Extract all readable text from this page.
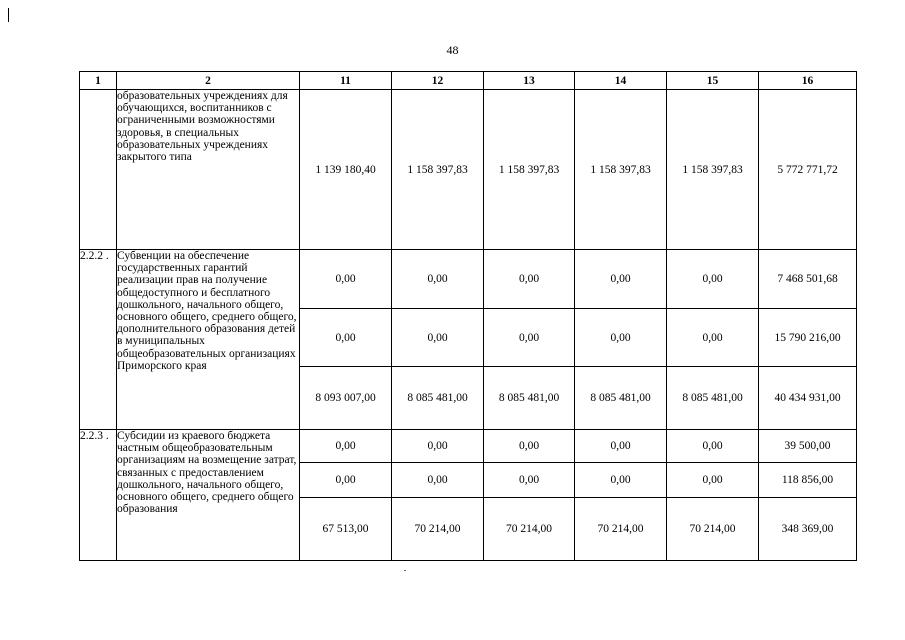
48
1	2	11	12	13	14	15	16
	образовательных учреждениях для обучающихся, воспитанников с ограниченными возможностями здоровья, в специальных образовательных учреждениях закрытого типа	1 139 180,40	1 158 397,83	1 158 397,83	1 158 397,83	1 158 397,83	5 772 771,72
2.2.2 .	Субвенции на обеспечение государственных гарантий реализации прав на получение общедоступного и бесплатного дошкольного, начального общего, основного общего, среднего общего, дополнительного образования детей в муниципальных общеобразовательных организациях Приморского края	0,00	0,00	0,00	0,00	0,00	7 468 501,68
		0,00	0,00	0,00	0,00	0,00	15 790 216,00
		8 093 007,00	8 085 481,00	8 085 481,00	8 085 481,00	8 085 481,00	40 434 931,00
2.2.3 .	Субсидии из краевого бюджета частным общеобразовательным организациям на возмещение затрат, связанных с предоставлением дошкольного, начального общего, основного общего, среднего общего образования	0,00	0,00	0,00	0,00	0,00	39 500,00
		0,00	0,00	0,00	0,00	0,00	118 856,00
		67 513,00	70 214,00	70 214,00	70 214,00	70 214,00	348 369,00
